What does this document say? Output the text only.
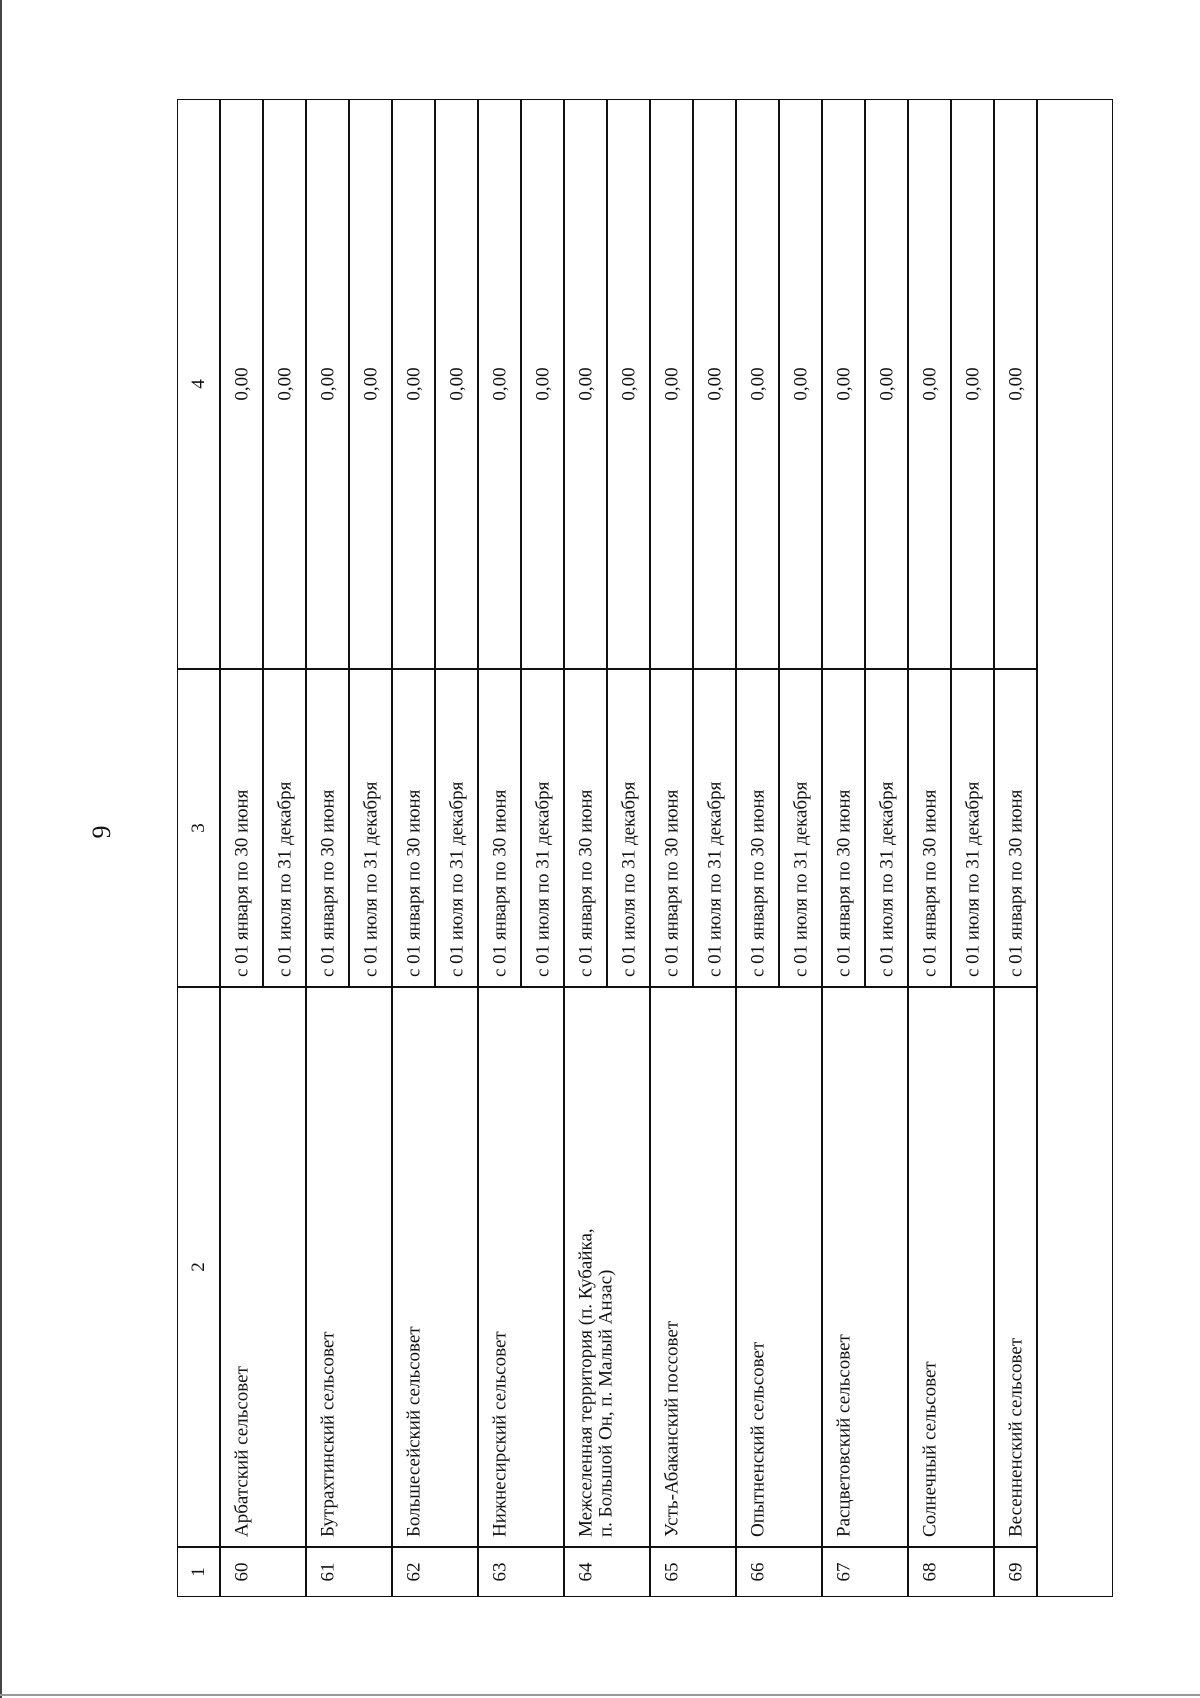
9
1
2
3
4
60
Арбатский сельсовет
с 01 января по 30 июня
0,00
с 01 июля по 31 декабря
0,00
61
Бутрахтинский сельсовет
с 01 января по 30 июня
0,00
с 01 июля по 31 декабря
0,00
62
Большесейский сельсовет
с 01 января по 30 июня
0,00
с 01 июля по 31 декабря
0,00
63
Нижнесирский сельсовет
с 01 января по 30 июня
0,00
с 01 июля по 31 декабря
0,00
64
Межселенная территория (п. Кубайка, п. Большой Он, п. Малый Анзас)
с 01 января по 30 июня
0,00
с 01 июля по 31 декабря
0,00
65
Усть-Абаканский поссовет
с 01 января по 30 июня
0,00
с 01 июля по 31 декабря
0,00
66
Опытненский сельсовет
с 01 января по 30 июня
0,00
с 01 июля по 31 декабря
0,00
67
Расцветовский сельсовет
с 01 января по 30 июня
0,00
с 01 июля по 31 декабря
0,00
68
Солнечный сельсовет
с 01 января по 30 июня
0,00
с 01 июля по 31 декабря
0,00
69
Весенненский сельсовет
с 01 января по 30 июня
0,00
